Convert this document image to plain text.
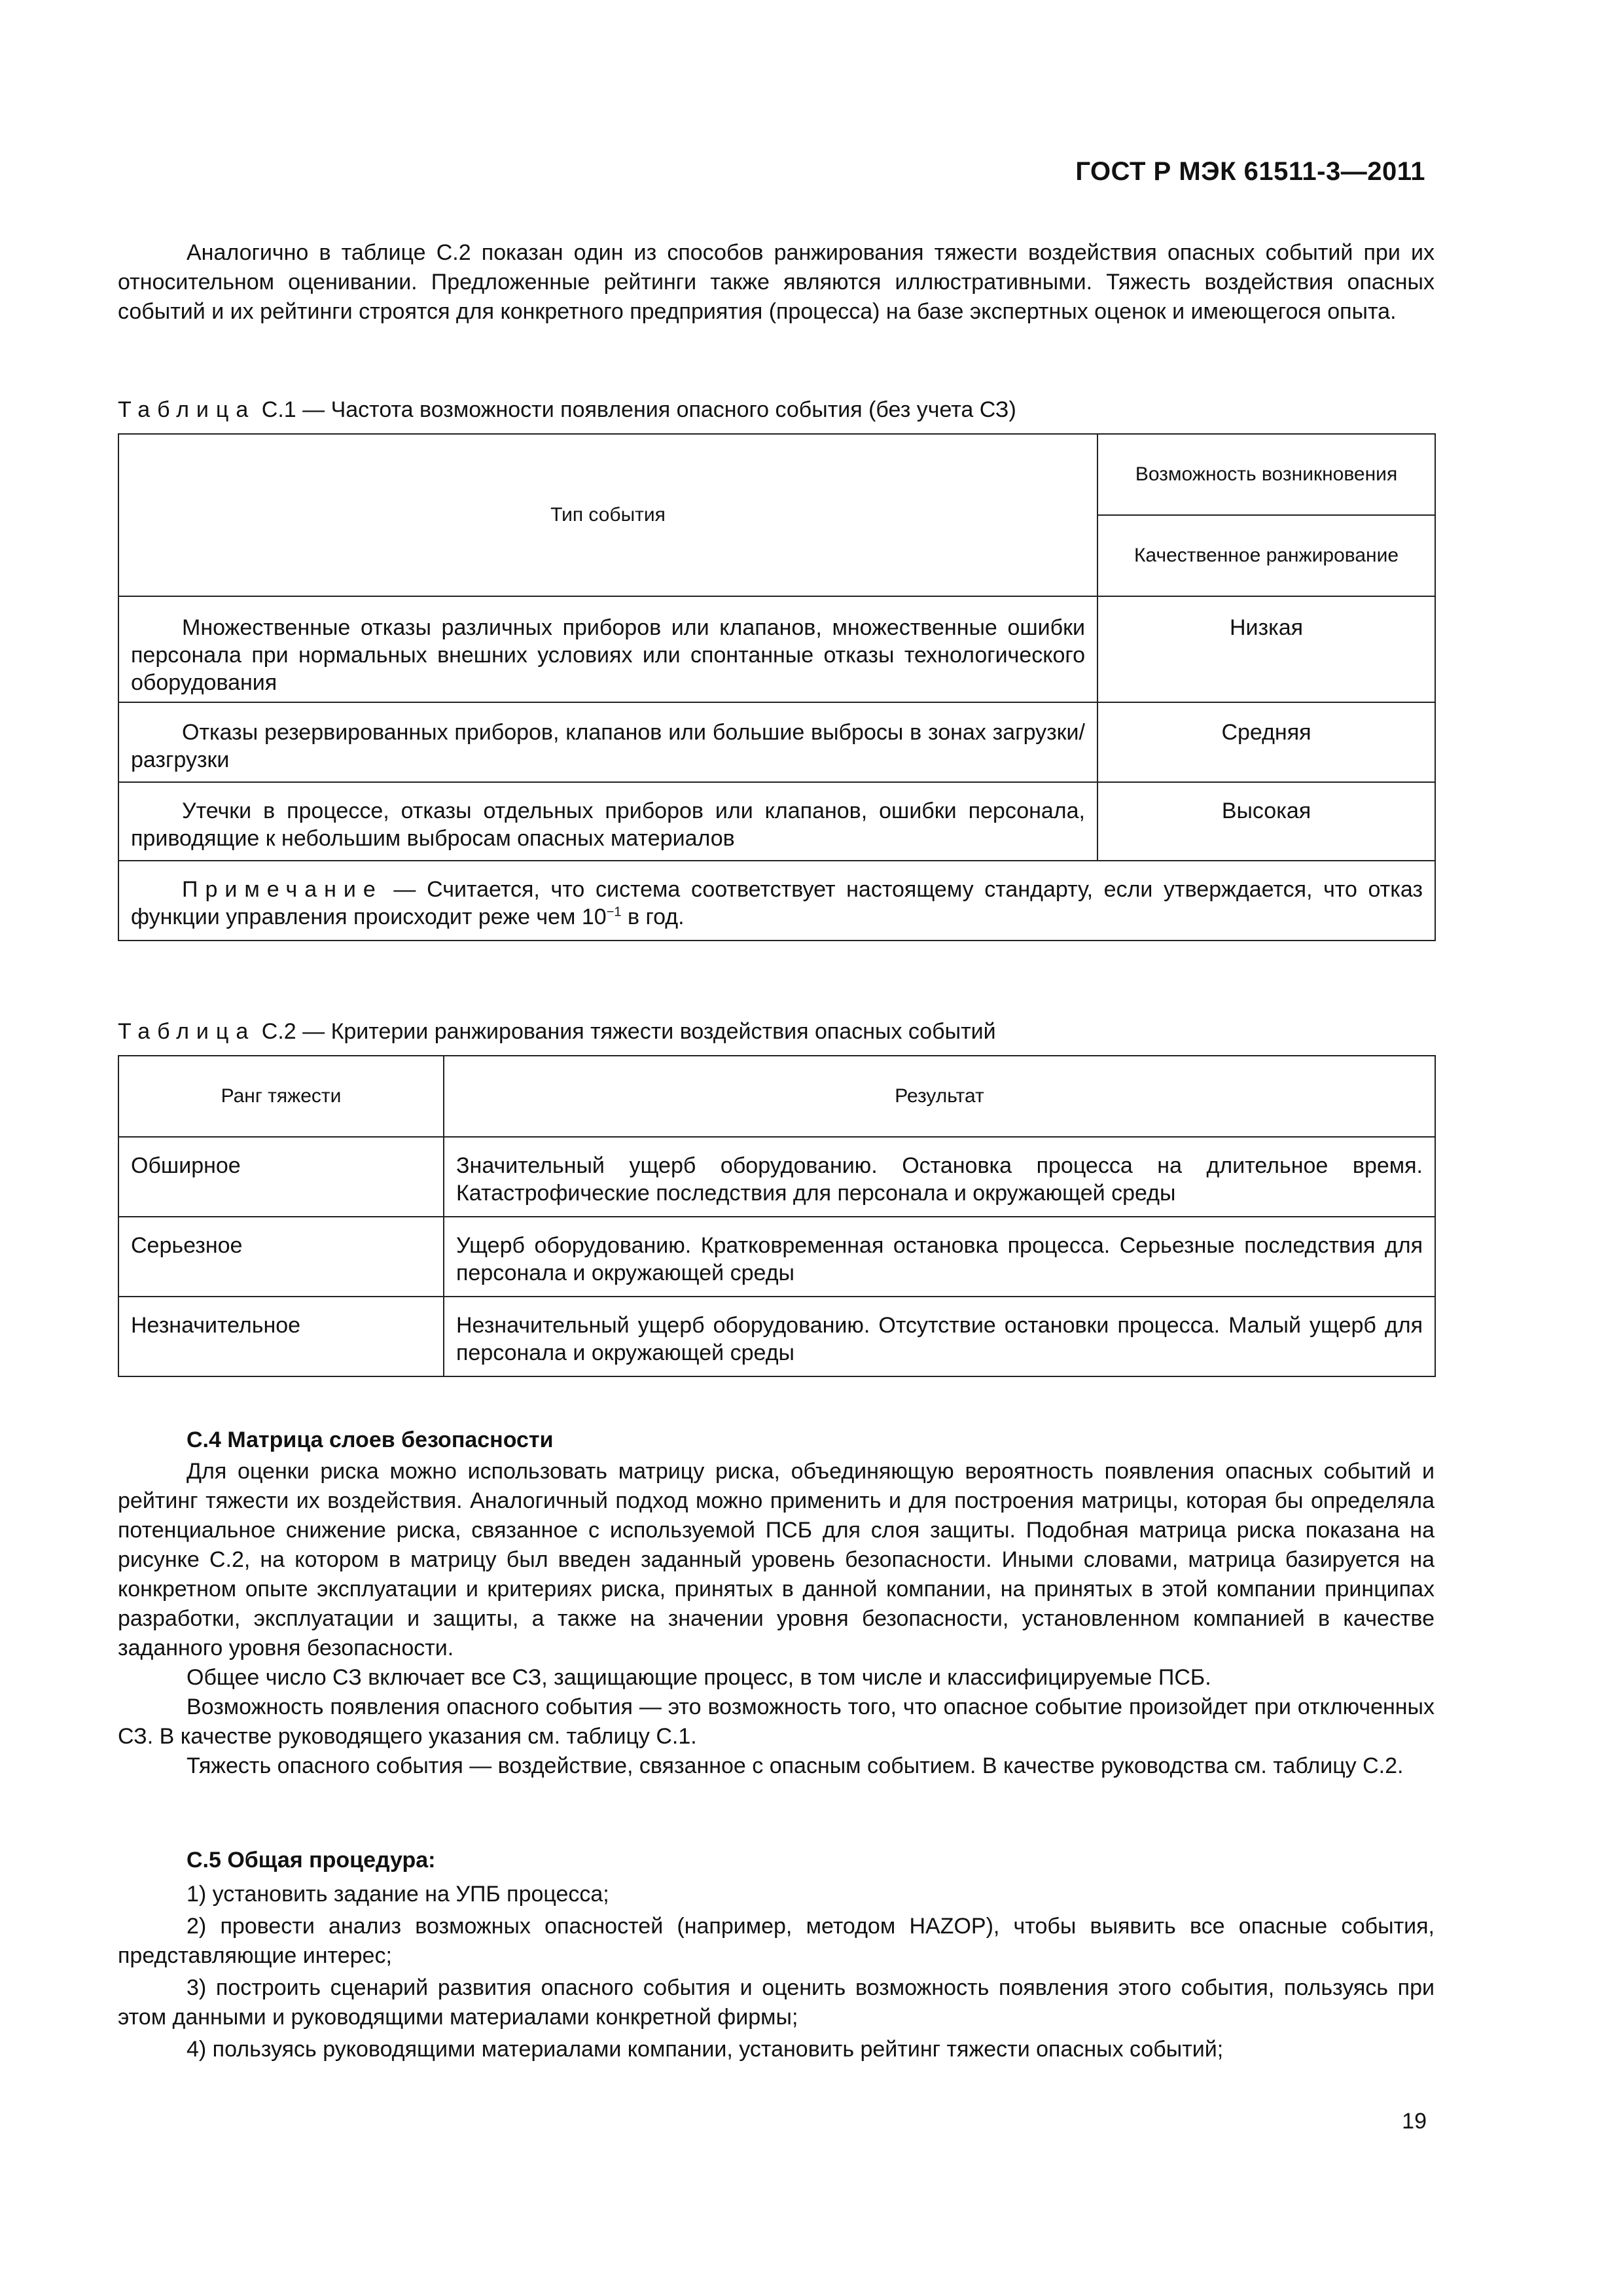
ГОСТ Р МЭК 61511-3—2011

Аналогично в таблице С.2 показан один из способов ранжирования тяжести воздействия опасных событий при их относительном оценивании. Предложенные рейтинги также являются иллюстративными. Тяжесть воздействия опасных событий и их рейтинги строятся для конкретного предприятия (процесса) на базе экспертных оценок и имеющегося опыта.

Таблица С.1 — Частота возможности появления опасного события (без учета СЗ)
Тип события	Возможность возникновения
	Качественное ранжирование
Множественные отказы различных приборов или клапанов, множественные ошибки персонала при нормальных внешних условиях или спонтанные отказы технологического оборудования	Низкая
Отказы резервированных приборов, клапанов или большие выбросы в зонах загрузки/разгрузки	Средняя
Утечки в процессе, отказы отдельных приборов или клапанов, ошибки персонала, приводящие к небольшим выбросам опасных материалов	Высокая
Примечание — Считается, что система соответствует настоящему стандарту, если утверждается, что отказ функции управления происходит реже чем $10^{-1}$ в год.	
Таблица С.2 — Критерии ранжирования тяжести воздействия опасных событий
Ранг тяжести	Результат
Обширное	Значительный ущерб оборудованию. Остановка процесса на длительное время. Катастрофические последствия для персонала и окружающей среды
Серьезное	Ущерб оборудованию. Кратковременная остановка процесса. Серьезные последствия для персонала и окружающей среды
Незначительное	Незначительный ущерб оборудованию. Отсутствие остановки процесса. Малый ущерб для персонала и окружающей среды
С.4 Матрица слоев безопасности

Для оценки риска можно использовать матрицу риска, объединяющую вероятность появления опасных событий и рейтинг тяжести их воздействия. Аналогичный подход можно применить и для построения матрицы, которая бы определяла потенциальное снижение риска, связанное с используемой ПСБ для слоя защиты. Подобная матрица риска показана на рисунке С.2, на котором в матрицу был введен заданный уровень безопасности. Иными словами, матрица базируется на конкретном опыте эксплуатации и критериях риска, принятых в данной компании, на принятых в этой компании принципах разработки, эксплуатации и защиты, а также на значении уровня безопасности, установленном компанией в качестве заданного уровня безопасности.

Общее число СЗ включает все СЗ, защищающие процесс, в том числе и классифицируемые ПСБ.

Возможность появления опасного события — это возможность того, что опасное событие произойдет при отключенных СЗ. В качестве руководящего указания см. таблицу С.1.

Тяжесть опасного события — воздействие, связанное с опасным событием. В качестве руководства см. таблицу С.2.

С.5 Общая процедура:

1) установить задание на УПБ процесса;

2) провести анализ возможных опасностей (например, методом HAZOP), чтобы выявить все опасные события, представляющие интерес;

3) построить сценарий развития опасного события и оценить возможность появления этого события, пользуясь при этом данными и руководящими материалами конкретной фирмы;

4) пользуясь руководящими материалами компании, установить рейтинг тяжести опасных событий;

19
